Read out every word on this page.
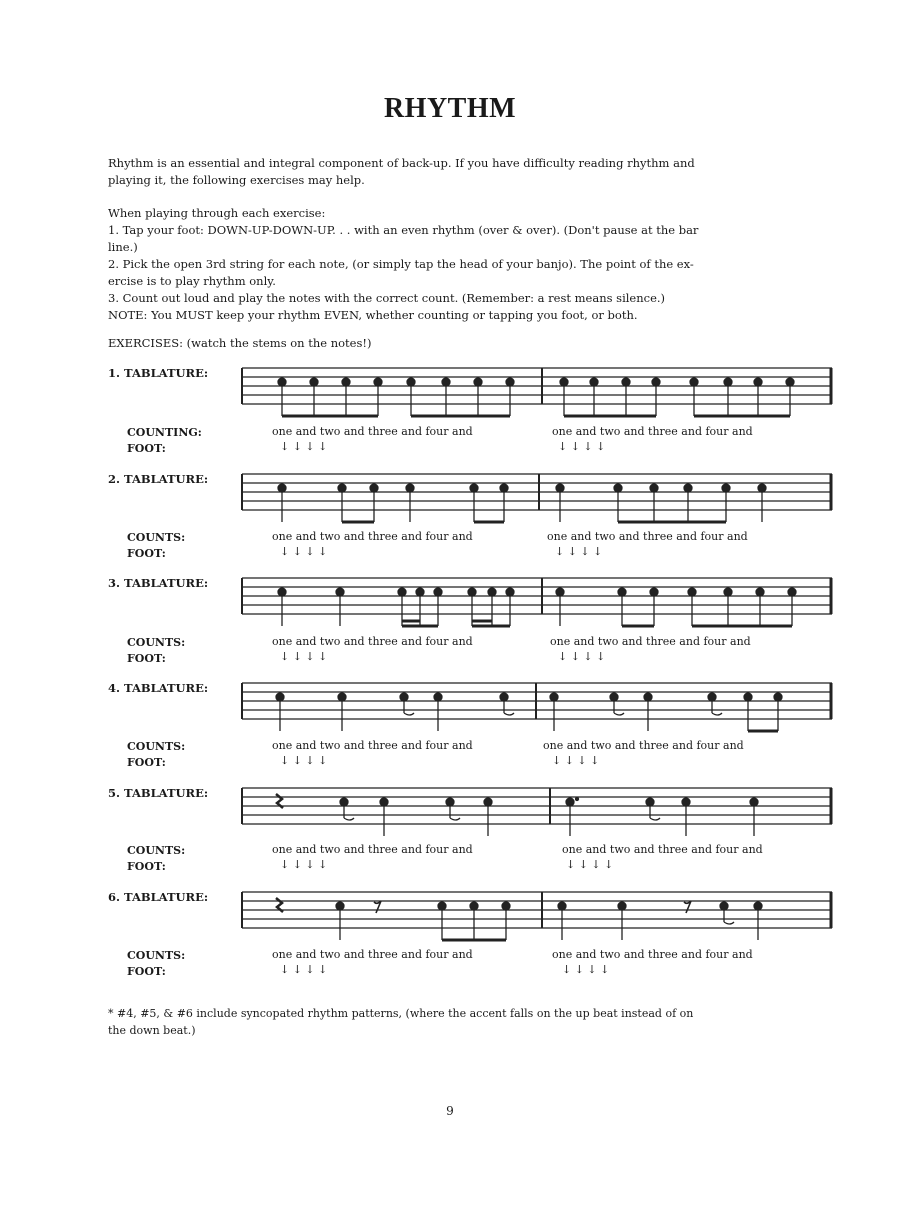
RHYTHM
Rhythm is an essential and integral component of back-up. If you have difficulty reading rhythm and
playing it, the following exercises may help.
When playing through each exercise:
1. Tap your foot: DOWN-UP-DOWN-UP. . . with an even rhythm (over & over). (Don't pause at the bar
line.)
2. Pick the open 3rd string for each note, (or simply tap the head of your banjo). The point of the ex-
ercise is to play rhythm only.
3. Count out loud and play the notes with the correct count. (Remember: a rest means silence.)
NOTE: You MUST keep your rhythm EVEN, whether counting or tapping you foot, or both.
EXERCISES: (watch the stems on the notes!)
1. TABLATURE:
COUNTING:
FOOT:
one and two and three and four and	one and two and three and four and
↓ ↓ ↓ ↓	↓ ↓ ↓ ↓
2. TABLATURE:
COUNTS:
FOOT:
one and two and three and four and	one and two and three and four and
↓ ↓ ↓ ↓	↓ ↓ ↓ ↓
3. TABLATURE:
COUNTS:
FOOT:
one and two and three and four and	one and two and three and four and
↓ ↓ ↓ ↓	↓ ↓ ↓ ↓
4. TABLATURE:
COUNTS:
FOOT:
one and two and three and four and	one and two and three and four and
↓ ↓ ↓ ↓	↓ ↓ ↓ ↓
5. TABLATURE:
COUNTS:
FOOT:
one and two and three and four and	one and two and three and four and
↓ ↓ ↓ ↓	↓ ↓ ↓ ↓
6. TABLATURE:
COUNTS:
FOOT:
one and two and three and four and	one and two and three and four and
↓ ↓ ↓ ↓	↓ ↓ ↓ ↓
* #4, #5, & #6 include syncopated rhythm patterns, (where the accent falls on the up beat instead of on
the down beat.)
9
